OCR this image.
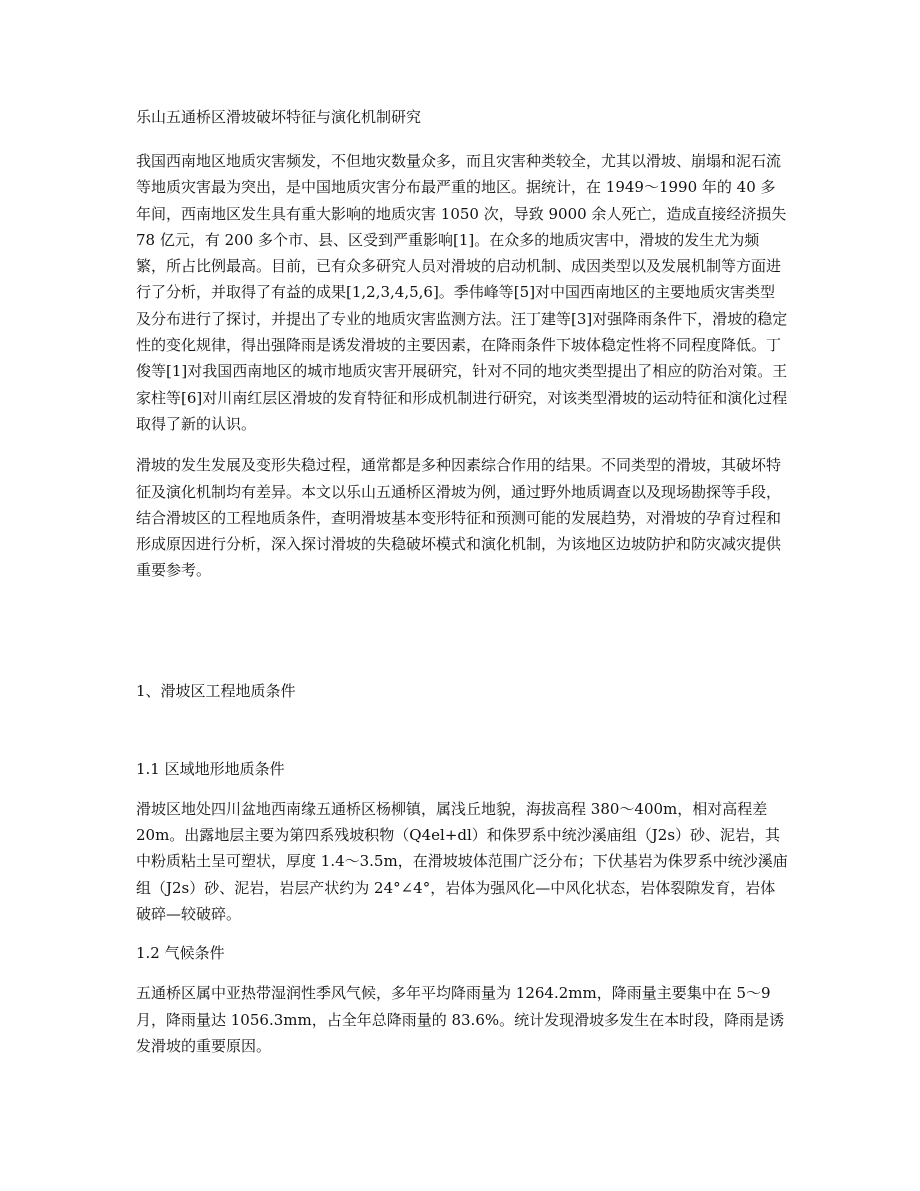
乐山五通桥区滑坡破坏特征与演化机制研究

我国西南地区地质灾害频发，不但地灾数量众多，而且灾害种类较全，尤其以滑坡、崩塌和泥石流等地质灾害最为突出，是中国地质灾害分布最严重的地区。据统计，在 1949～1990 年的 40 多年间，西南地区发生具有重大影响的地质灾害 1050 次，导致 9000 余人死亡，造成直接经济损失 78 亿元，有 200 多个市、县、区受到严重影响[1]。在众多的地质灾害中，滑坡的发生尤为频繁，所占比例最高。目前，已有众多研究人员对滑坡的启动机制、成因类型以及发展机制等方面进行了分析，并取得了有益的成果[1,2,3,4,5,6]。季伟峰等[5]对中国西南地区的主要地质灾害类型及分布进行了探讨，并提出了专业的地质灾害监测方法。汪丁建等[3]对强降雨条件下，滑坡的稳定性的变化规律，得出强降雨是诱发滑坡的主要因素，在降雨条件下坡体稳定性将不同程度降低。丁俊等[1]对我国西南地区的城市地质灾害开展研究，针对不同的地灾类型提出了相应的防治对策。王家柱等[6]对川南红层区滑坡的发育特征和形成机制进行研究，对该类型滑坡的运动特征和演化过程取得了新的认识。

滑坡的发生发展及变形失稳过程，通常都是多种因素综合作用的结果。不同类型的滑坡，其破坏特征及演化机制均有差异。本文以乐山五通桥区滑坡为例，通过野外地质调查以及现场勘探等手段，结合滑坡区的工程地质条件，查明滑坡基本变形特征和预测可能的发展趋势，对滑坡的孕育过程和形成原因进行分析，深入探讨滑坡的失稳破坏模式和演化机制，为该地区边坡防护和防灾减灾提供重要参考。

1、滑坡区工程地质条件
1.1 区域地形地质条件

滑坡区地处四川盆地西南缘五通桥区杨柳镇，属浅丘地貌，海拔高程 380～400m，相对高程差 20m。出露地层主要为第四系残坡积物（Q4el+dl）和侏罗系中统沙溪庙组（J2s）砂、泥岩，其中粉质粘土呈可塑状，厚度 1.4～3.5m，在滑坡坡体范围广泛分布；下伏基岩为侏罗系中统沙溪庙组（J2s）砂、泥岩，岩层产状约为 24°∠4°，岩体为强风化—中风化状态，岩体裂隙发育，岩体破碎—较破碎。

1.2 气候条件

五通桥区属中亚热带湿润性季风气候，多年平均降雨量为 1264.2mm，降雨量主要集中在 5～9 月，降雨量达 1056.3mm，占全年总降雨量的 83.6%。统计发现滑坡多发生在本时段，降雨是诱发滑坡的重要原因。
